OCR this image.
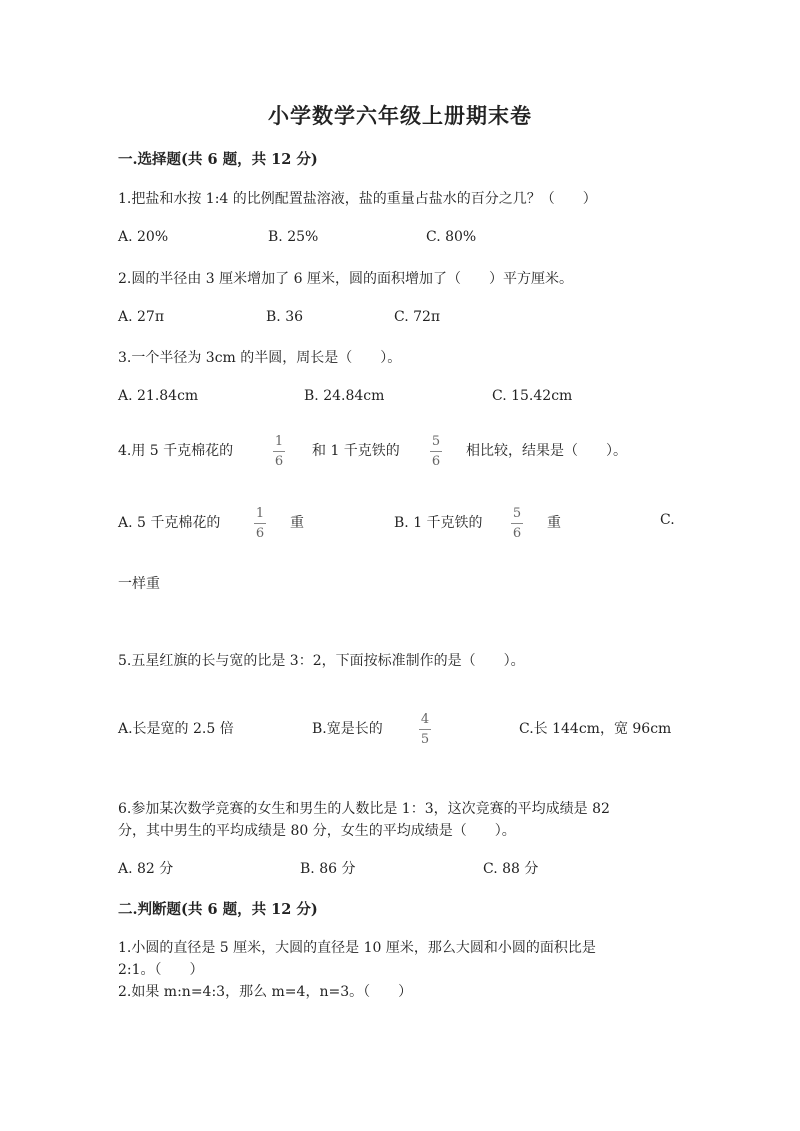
小学数学六年级上册期末卷
一.选择题(共 6 题，共 12 分)
1.把盐和水按 1:4 的比例配置盐溶液，盐的重量占盐水的百分之几？（　　）
A. 20%	B. 25%	C. 80%
2.圆的半径由 3 厘米增加了 6 厘米，圆的面积增加了（　　）平方厘米。
A. 27π	B. 36	C. 72π
3.一个半径为 3cm 的半圆，周长是（　　）。
A. 21.84cm	B. 24.84cm	C. 15.42cm
4.用 5 千克棉花的
1
6
和 1 千克铁的
5
6
相比较，结果是（　　）。
A. 5 千克棉花的
1
6
重	B. 1 千克铁的
5
6
重	C.
一样重
5.五星红旗的长与宽的比是 3：2，下面按标准制作的是（　　）。
A.长是宽的 2.5 倍	B.宽是长的
4
5
C.长 144cm，宽 96cm
6.参加某次数学竞赛的女生和男生的人数比是 1：3，这次竞赛的平均成绩是 82
分，其中男生的平均成绩是 80 分，女生的平均成绩是（　　）。
A. 82 分	B. 86 分	C. 88 分
二.判断题(共 6 题，共 12 分)
1.小圆的直径是 5 厘米，大圆的直径是 10 厘米，那么大圆和小圆的面积比是
2:1。（　　）
2.如果 m:n=4:3，那么 m=4，n=3。（　　）
